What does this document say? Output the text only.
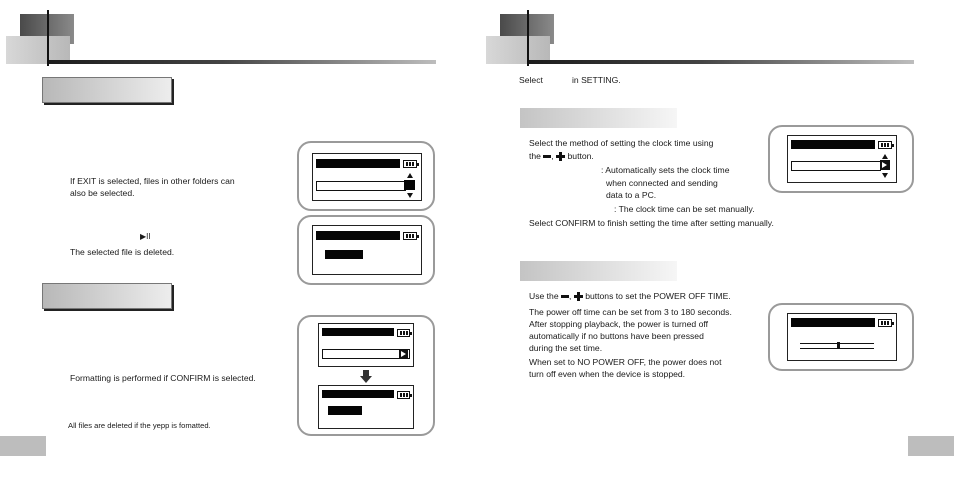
If EXIT is selected, files in other folders can
also be selected.
▶II
The selected file is deleted.
Formatting is performed if CONFIRM is selected.
All files are deleted if the yepp is fomatted.
Select	in SETTING.
Select the method of setting the clock time using
the , button.
: Automatically sets the clock time
when connected and sending
data to a PC.
: The clock time can be set manually.
Select CONFIRM to finish setting the time after setting manually.
Use the , buttons to set the POWER OFF TIME.
The power off time can be set from 3 to 180 seconds.
After stopping playback, the power is turned off
automatically if no buttons have been pressed
during the set time.
When set to NO POWER OFF, the power does not
turn off even when the device is stopped.
